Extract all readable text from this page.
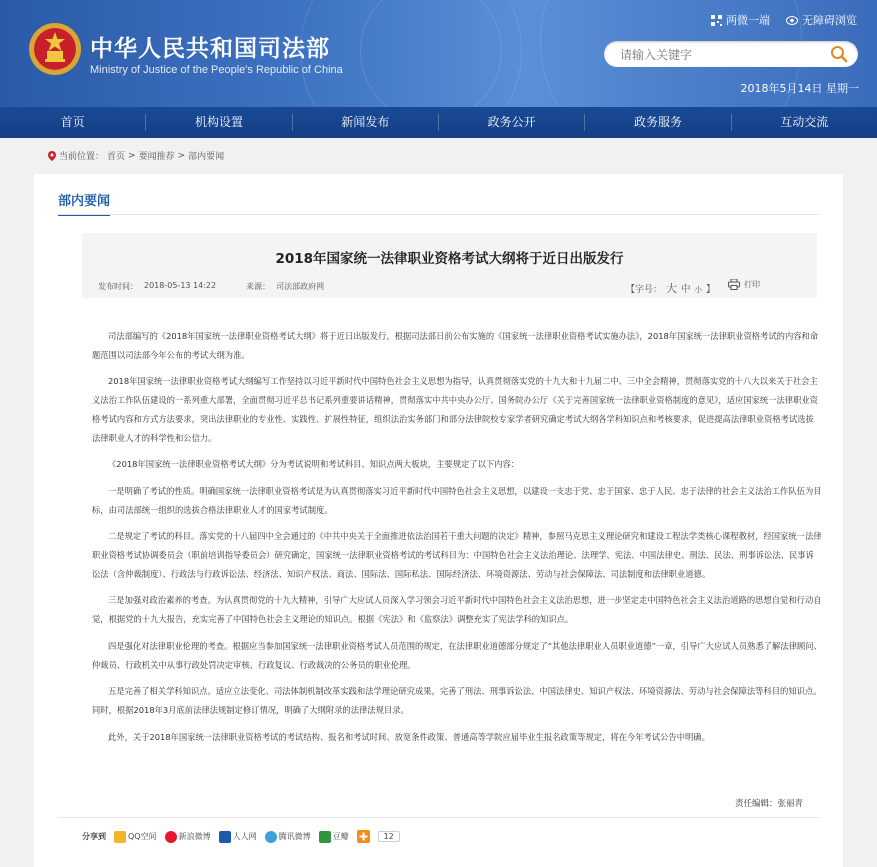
中华人民共和国司法部
Ministry of Justice of the People's Republic of China
两微一端	无障碍浏览
请输入关键字
2018年5月14日 星期一
首页	机构设置	新闻发布	政务公开	政务服务	互动交流
当前位置： 首页 > 要闻推荐 > 部内要闻
部内要闻
2018年国家统一法律职业资格考试大纲将于近日出版发行
发布时间： 2018-05-13 14:22	来源： 司法部政府网	【字号： 大 中 小 】
打印

司法部编写的《2018年国家统一法律职业资格考试大纲》将于近日出版发行。根据司法部日前公布实施的《国家统一法律职业资格考试实施办法》，2018年国家统一法律职业资格考试的内容和命题范围以司法部今年公布的考试大纲为准。

2018年国家统一法律职业资格考试大纲编写工作坚持以习近平新时代中国特色社会主义思想为指导，认真贯彻落实党的十九大和十九届二中、三中全会精神，贯彻落实党的十八大以来关于社会主义法治工作队伍建设的一系列重大部署，全面贯彻习近平总书记系列重要讲话精神，贯彻落实中共中央办公厅、国务院办公厅《关于完善国家统一法律职业资格制度的意见》，适应国家统一法律职业资格考试内容和方式方法要求，突出法律职业的专业性、实践性、扩展性特征，组织法治实务部门和部分法律院校专家学者研究确定考试大纲各学科知识点和考核要求，促进提高法律职业资格考试选拔法律职业人才的科学性和公信力。

《2018年国家统一法律职业资格考试大纲》分为考试说明和考试科目、知识点两大板块，主要规定了以下内容：

一是明确了考试的性质。明确国家统一法律职业资格考试是为认真贯彻落实习近平新时代中国特色社会主义思想，以建设一支忠于党、忠于国家、忠于人民、忠于法律的社会主义法治工作队伍为目标，由司法部统一组织的选拔合格法律职业人才的国家考试制度。

二是规定了考试的科目。落实党的十八届四中全会通过的《中共中央关于全面推进依法治国若干重大问题的决定》精神，参照马克思主义理论研究和建设工程法学类核心课程教材，经国家统一法律职业资格考试协调委员会（职前培训指导委员会）研究确定，国家统一法律职业资格考试的考试科目为：中国特色社会主义法治理论、法理学、宪法、中国法律史、刑法、民法、刑事诉讼法、民事诉讼法（含仲裁制度）、行政法与行政诉讼法、经济法、知识产权法、商法、国际法、国际私法、国际经济法、环境资源法、劳动与社会保障法、司法制度和法律职业道德。

三是加强对政治素养的考查。为认真贯彻党的十九大精神，引导广大应试人员深入学习领会习近平新时代中国特色社会主义法治思想，进一步坚定走中国特色社会主义法治道路的思想自觉和行动自觉，根据党的十九大报告，充实完善了中国特色社会主义理论的知识点。根据《宪法》和《监察法》调整充实了宪法学科的知识点。

四是强化对法律职业伦理的考查。根据应当参加国家统一法律职业资格考试人员范围的规定，在法律职业道德部分规定了“其他法律职业人员职业道德”一章，引导广大应试人员熟悉了解法律顾问、仲裁员、行政机关中从事行政处罚决定审核、行政复议、行政裁决的公务员的职业伦理。

五是完善了相关学科知识点。适应立法变化、司法体制机制改革实践和法学理论研究成果，完善了刑法、刑事诉讼法、中国法律史、知识产权法、环境资源法、劳动与社会保障法等科目的知识点。同时，根据2018年3月底前法律法规制定修订情况，明确了大纲附录的法律法规目录。

此外，关于2018年国家统一法律职业资格考试的考试结构、报名和考试时间、放宽条件政策、普通高等学院应届毕业生报名政策等规定，将在今年考试公告中明确。

责任编辑：张丽青
分享到	QQ空间	新浪微博	人人网	腾讯微博	豆瓣	12
